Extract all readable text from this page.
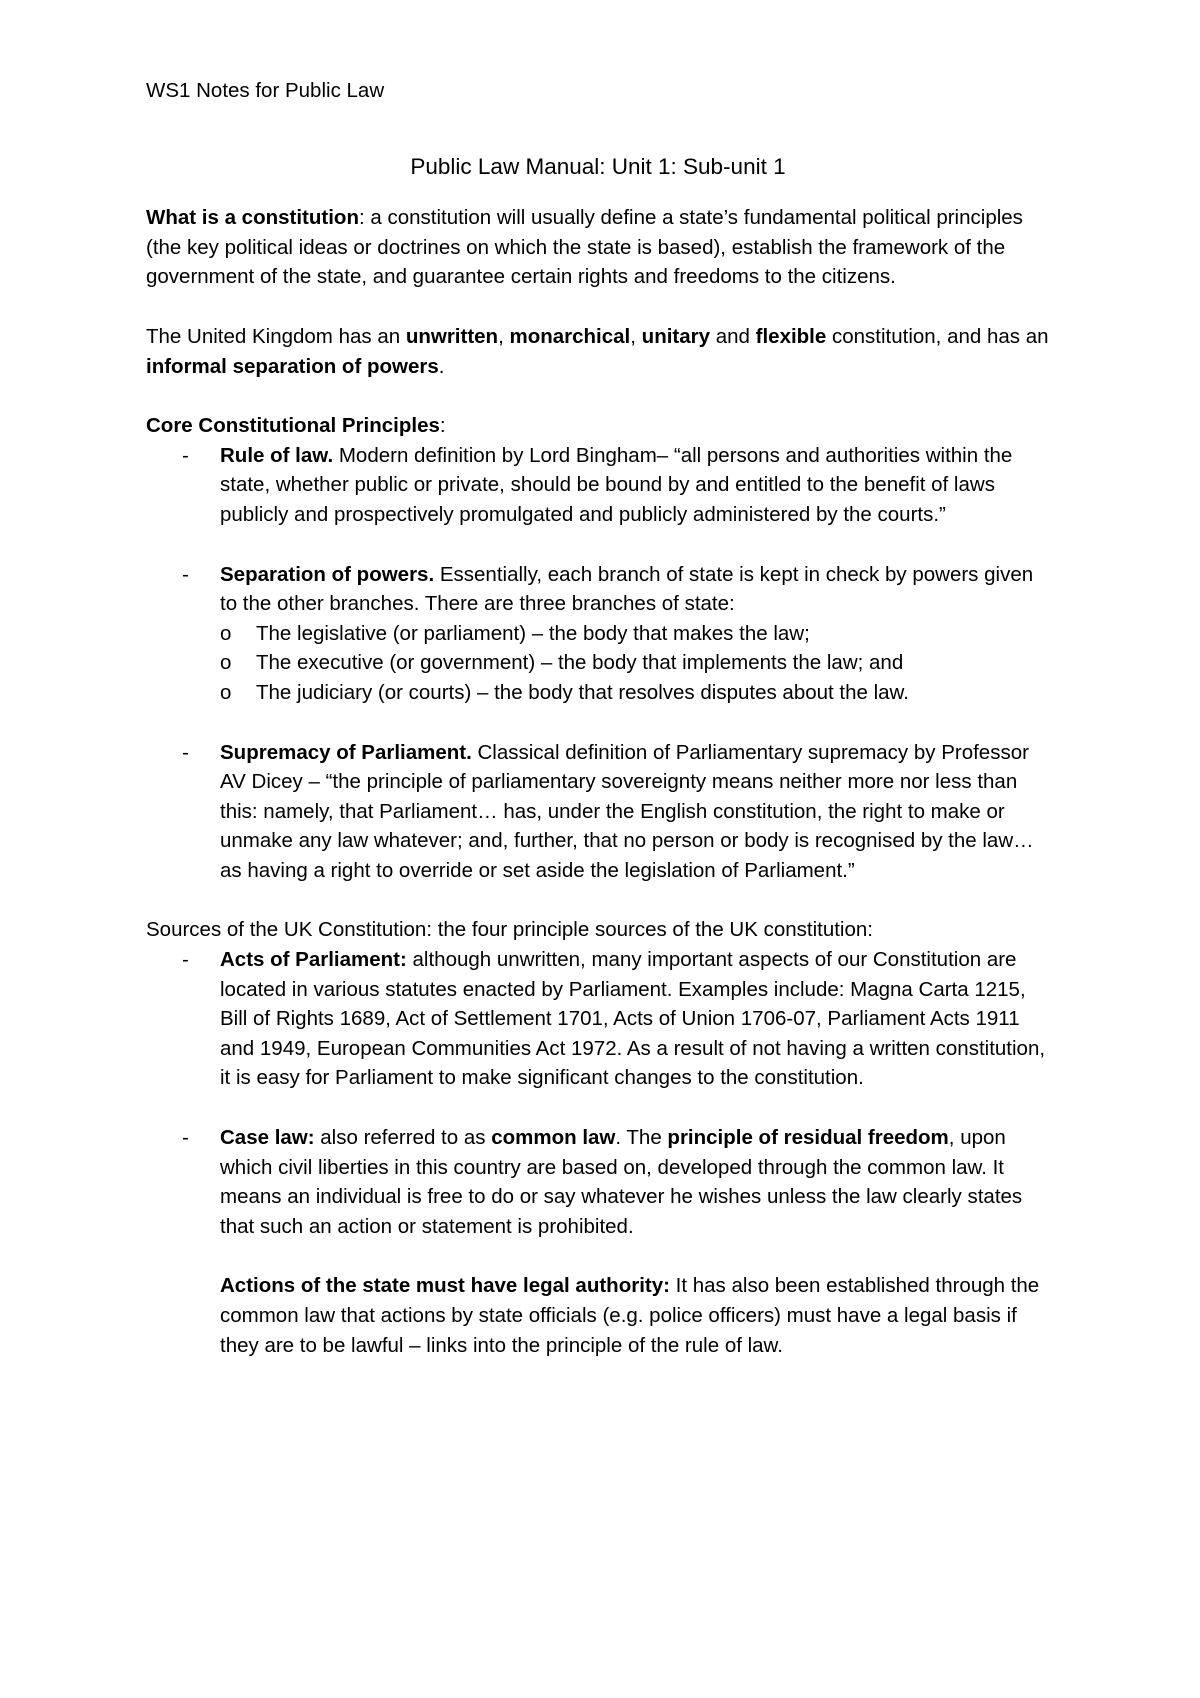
WS1 Notes for Public Law

Public Law Manual: Unit 1: Sub-unit 1

What is a constitution: a constitution will usually define a state’s fundamental political principles (the key political ideas or doctrines on which the state is based), establish the framework of the government of the state, and guarantee certain rights and freedoms to the citizens.

The United Kingdom has an unwritten, monarchical, unitary and flexible constitution, and has an informal separation of powers.

Core Constitutional Principles:

- Rule of law. Modern definition by Lord Bingham– “all persons and authorities within the state, whether public or private, should be bound by and entitled to the benefit of laws publicly and prospectively promulgated and publicly administered by the courts.”
- Separation of powers. Essentially, each branch of state is kept in check by powers given to the other branches. There are three branches of state:
o The legislative (or parliament) – the body that makes the law;
o The executive (or government) – the body that implements the law; and
o The judiciary (or courts) – the body that resolves disputes about the law.
- Supremacy of Parliament. Classical definition of Parliamentary supremacy by Professor AV Dicey – “the principle of parliamentary sovereignty means neither more nor less than this: namely, that Parliament… has, under the English constitution, the right to make or unmake any law whatever; and, further, that no person or body is recognised by the law… as having a right to override or set aside the legislation of Parliament.”

Sources of the UK Constitution: the four principle sources of the UK constitution:

- Acts of Parliament: although unwritten, many important aspects of our Constitution are located in various statutes enacted by Parliament. Examples include: Magna Carta 1215, Bill of Rights 1689, Act of Settlement 1701, Acts of Union 1706-07, Parliament Acts 1911 and 1949, European Communities Act 1972. As a result of not having a written constitution, it is easy for Parliament to make significant changes to the constitution.
- Case law: also referred to as common law. The principle of residual freedom, upon which civil liberties in this country are based on, developed through the common law. It means an individual is free to do or say whatever he wishes unless the law clearly states that such an action or statement is prohibited.

Actions of the state must have legal authority: It has also been established through the common law that actions by state officials (e.g. police officers) must have a legal basis if they are to be lawful – links into the principle of the rule of law.
